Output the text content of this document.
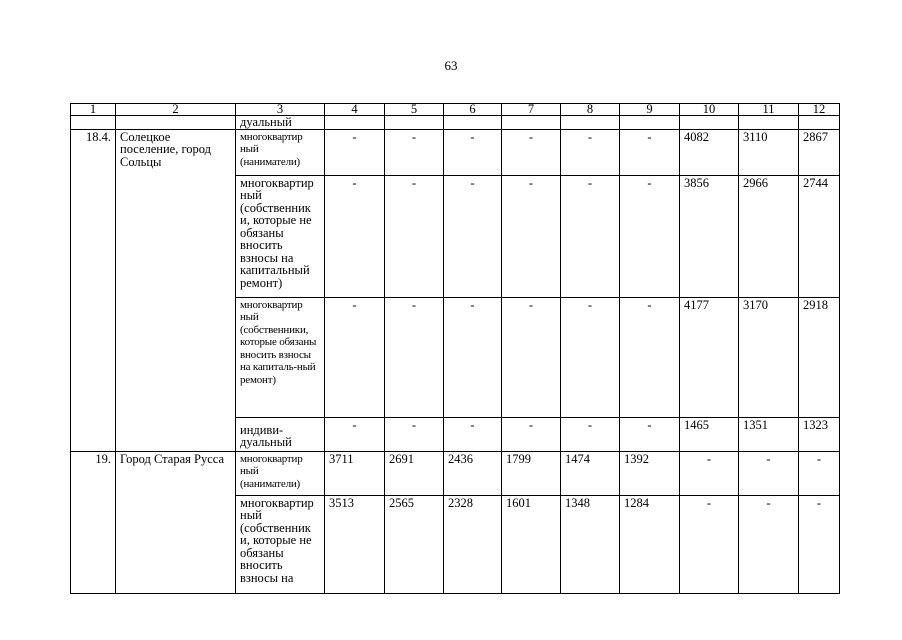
63
1	2	3	4	5	6	7	8	9	10	11	12
		дуальный									
18.4.	Солецкое поселение, город Сольцы	многоквартир ный (наниматели)	-	-	-	-	-	-	4082	3110	2867
		многоквартир ный (собственник и, которые не обязаны вносить взносы на капитальный ремонт)	-	-	-	-	-	-	3856	2966	2744
		многоквартир ный (собственники, которые обязаны вносить взносы на капиталь-ный ремонт)	-	-	-	-	-	-	4177	3170	2918
		индиви- дуальный	-	-	-	-	-	-	1465	1351	1323
19.	Город Старая Русса	многоквартир ный (наниматели)	3711	2691	2436	1799	1474	1392	-	-	-
		многоквартир ный (собственник и, которые не обязаны вносить взносы на	3513	2565	2328	1601	1348	1284	-	-	-
